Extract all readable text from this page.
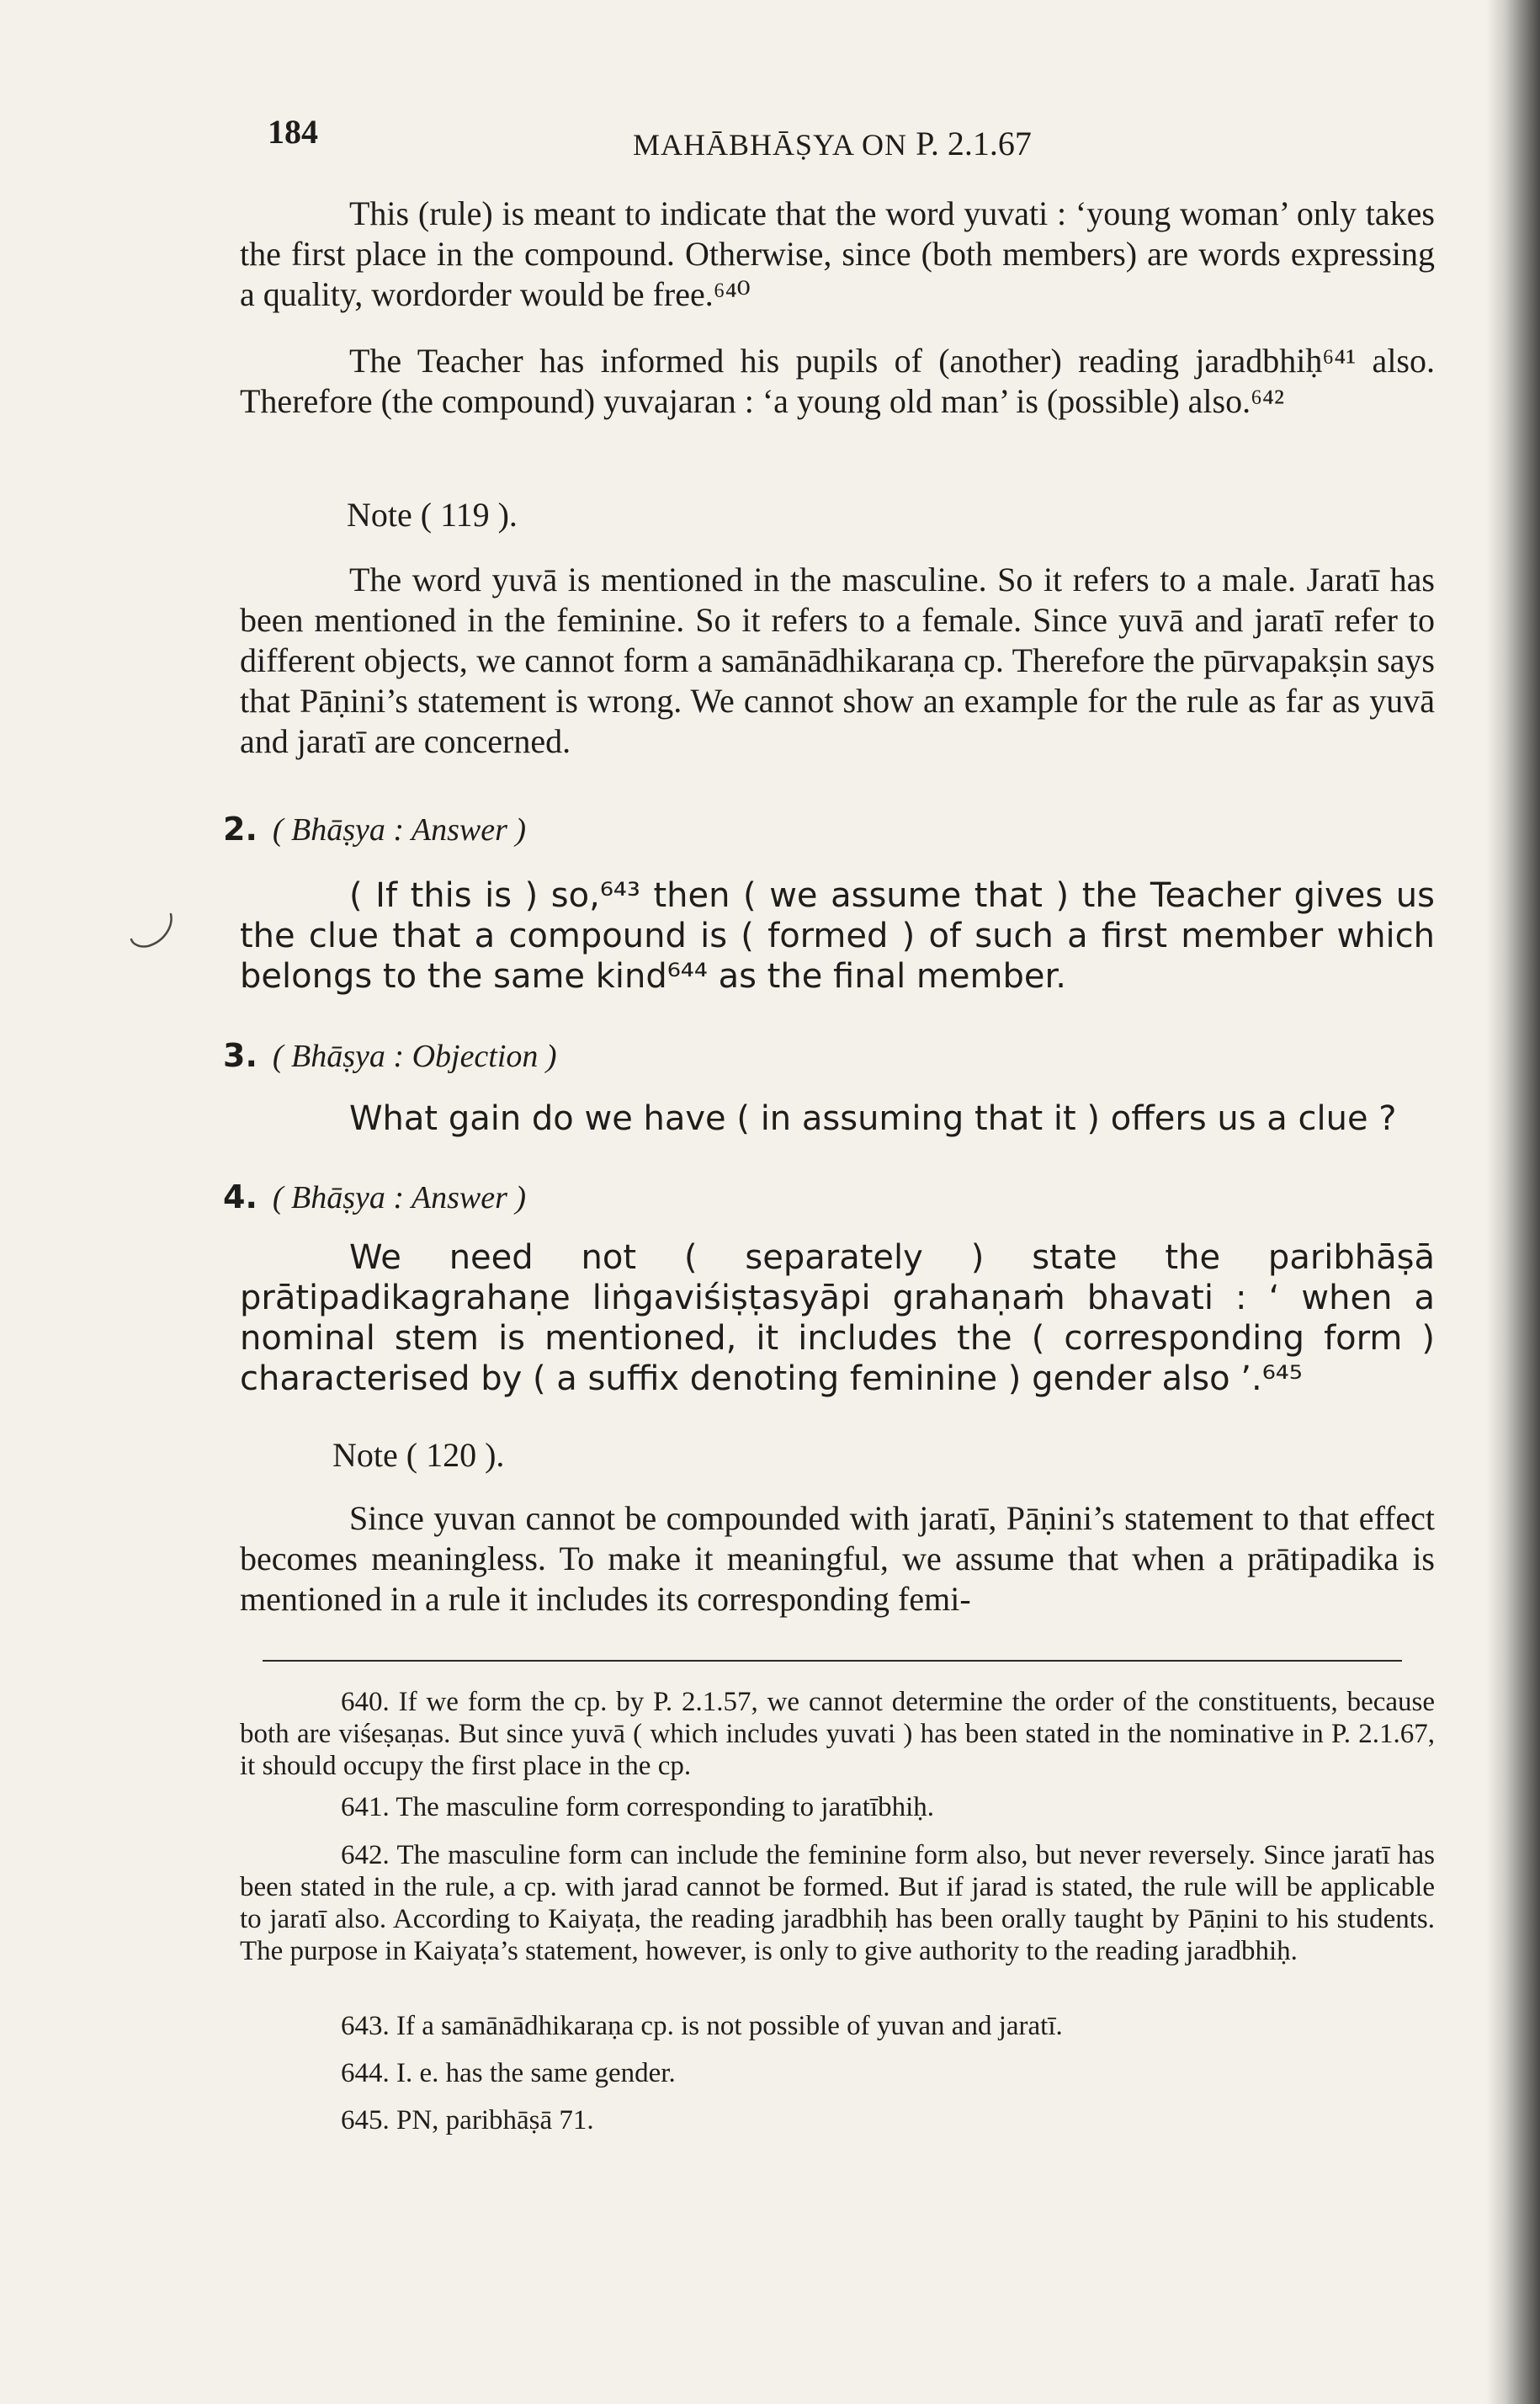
184	MAHĀBHĀṢYA ON P. 2.1.67
This (rule) is meant to indicate that the word yuvati : ‘young woman’ only takes the first place in the compound. Otherwise, since (both members) are words expressing a quality, wordorder would be free.⁶⁴⁰
The Teacher has informed his pupils of (another) reading jaradbhiḥ⁶⁴¹ also. Therefore (the compound) yuvajaran : ‘a young old man’ is (possible) also.⁶⁴²
Note ( 119 ).
The word yuvā is mentioned in the masculine. So it refers to a male. Jaratī has been mentioned in the feminine. So it refers to a female. Since yuvā and jaratī refer to different objects, we cannot form a samānādhikaraṇa cp. Therefore the pūrvapakṣin says that Pāṇini’s statement is wrong. We cannot show an example for the rule as far as yuvā and jaratī are concerned.
2. ( Bhāṣya : Answer )
( If this is ) so,⁶⁴³ then ( we assume that ) the Teacher gives us the clue that a compound is ( formed ) of such a first member which belongs to the same kind⁶⁴⁴ as the final member.
3. ( Bhāṣya : Objection )
What gain do we have ( in assuming that it ) offers us a clue ?
4. ( Bhāṣya : Answer )
We need not ( separately ) state the paribhāṣā prātipadikagrahaṇe liṅgaviśiṣṭasyāpi grahaṇaṁ bhavati : ‘ when a nominal stem is mentioned, it includes the ( corresponding form ) characterised by ( a suffix denoting feminine ) gender also ’.⁶⁴⁵
Note ( 120 ).
Since yuvan cannot be compounded with jaratī, Pāṇini’s statement to that effect becomes meaningless. To make it meaningful, we assume that when a prātipadika is mentioned in a rule it includes its corresponding femi-
640. If we form the cp. by P. 2.1.57, we cannot determine the order of the constituents, because both are viśeṣaṇas. But since yuvā ( which includes yuvati ) has been stated in the nominative in P. 2.1.67, it should occupy the first place in the cp.
641. The masculine form corresponding to jaratībhiḥ.
642. The masculine form can include the feminine form also, but never reversely. Since jaratī has been stated in the rule, a cp. with jarad cannot be formed. But if jarad is stated, the rule will be applicable to jaratī also. According to Kaiyaṭa, the reading jaradbhiḥ has been orally taught by Pāṇini to his students. The purpose in Kaiyaṭa’s statement, however, is only to give authority to the reading jaradbhiḥ.
643. If a samānādhikaraṇa cp. is not possible of yuvan and jaratī.
644. I. e. has the same gender.
645. PN, paribhāṣā 71.
